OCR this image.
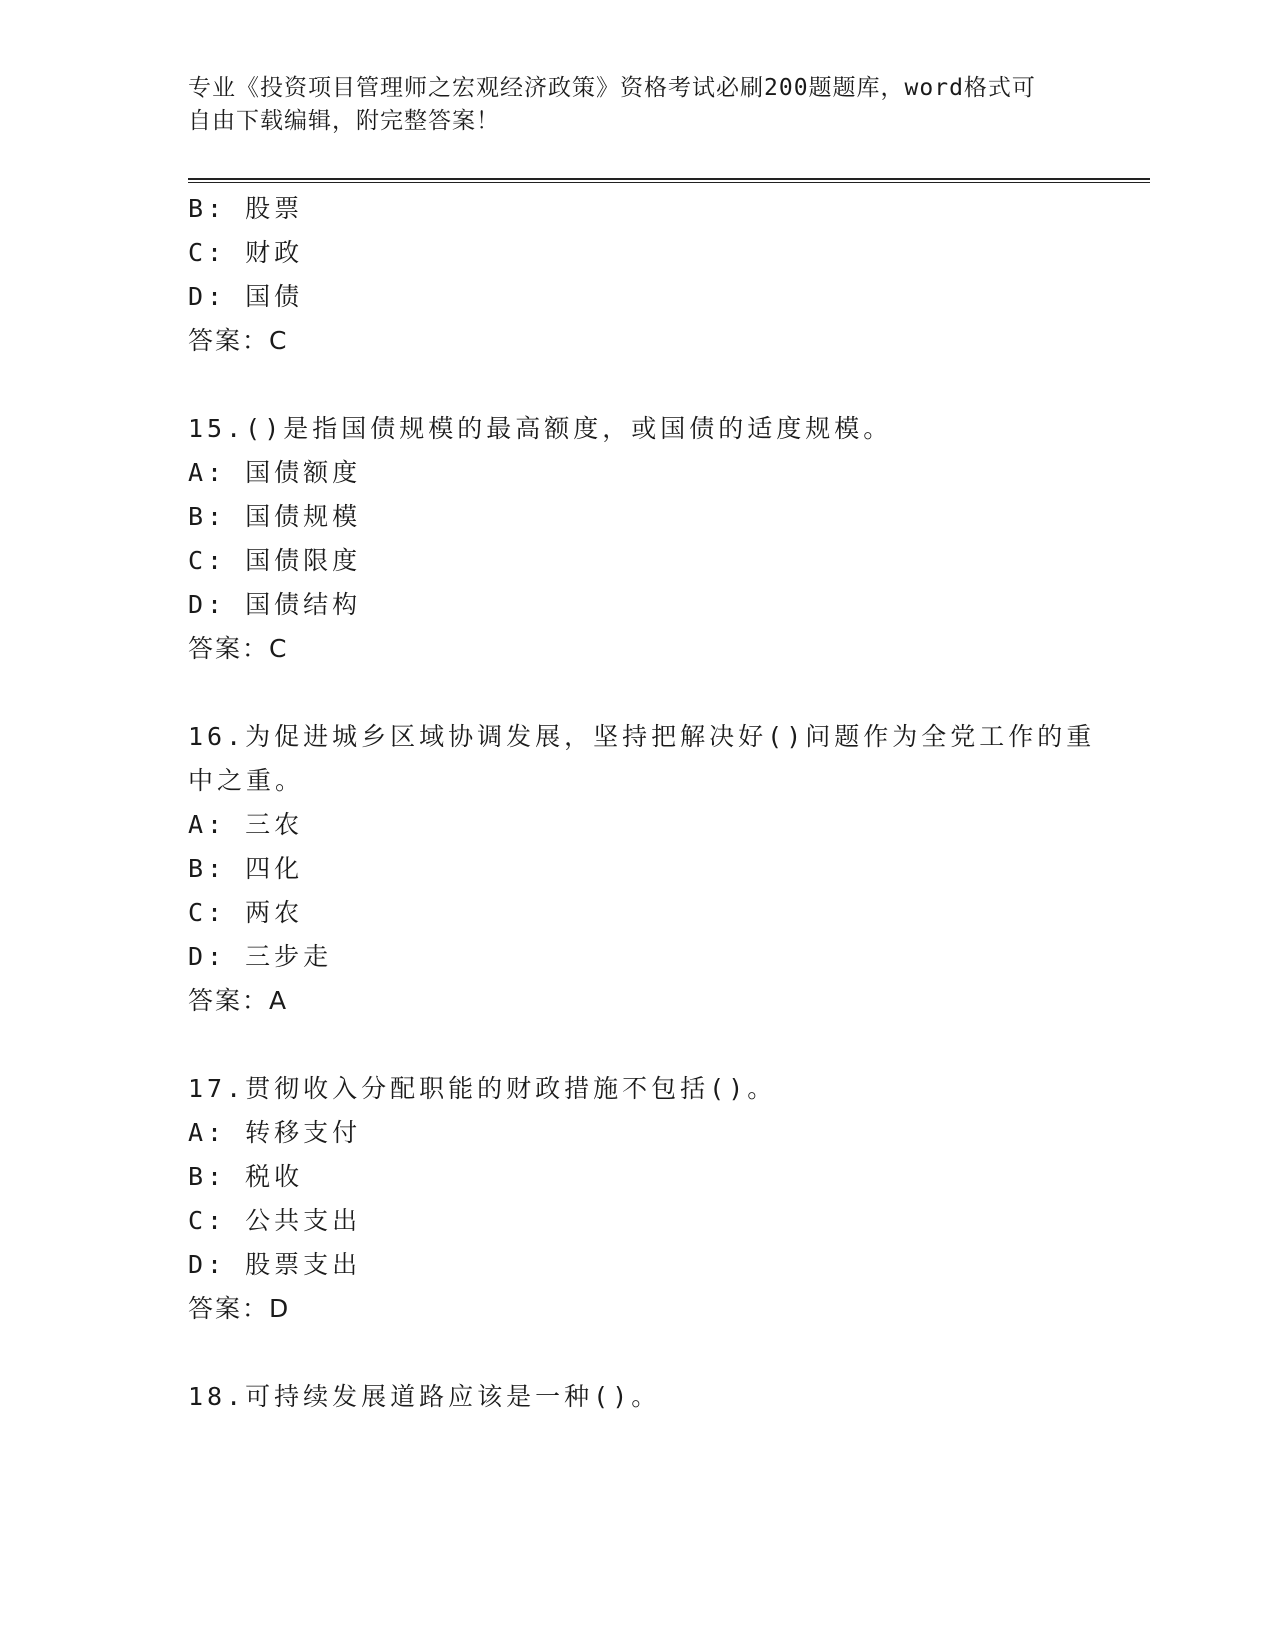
专业《投资项目管理师之宏观经济政策》资格考试必刷200题题库，word格式可
自由下载编辑，附完整答案！
B: 股票
C: 财政
D: 国债
答案：C
15.()是指国债规模的最高额度，或国债的适度规模。
A: 国债额度
B: 国债规模
C: 国债限度
D: 国债结构
答案：C
16.为促进城乡区域协调发展，坚持把解决好()问题作为全党工作的重
中之重。
A: 三农
B: 四化
C: 两农
D: 三步走
答案：A
17.贯彻收入分配职能的财政措施不包括()。
A: 转移支付
B: 税收
C: 公共支出
D: 股票支出
答案：D
18.可持续发展道路应该是一种()。
